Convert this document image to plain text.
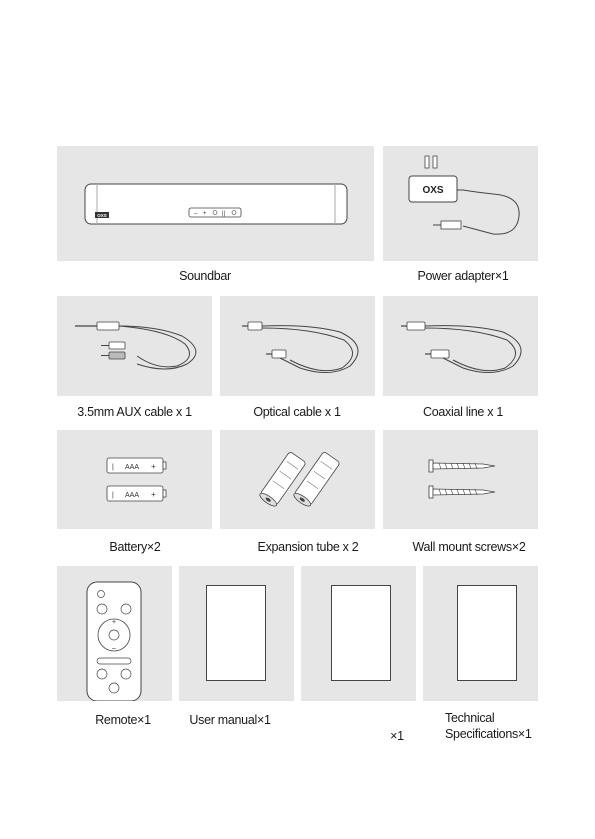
OXS	– +	||
OXS
Soundbar	Power adapter×1
3.5mm AUX cable x 1	Optical cable x 1	Coaxial line x 1
| AAA +
| AAA +
Battery×2	Expansion tube x 2	Wall mount screws×2
+
–
Remote×1	User manual×1
×1
Technical
Specifications×1
